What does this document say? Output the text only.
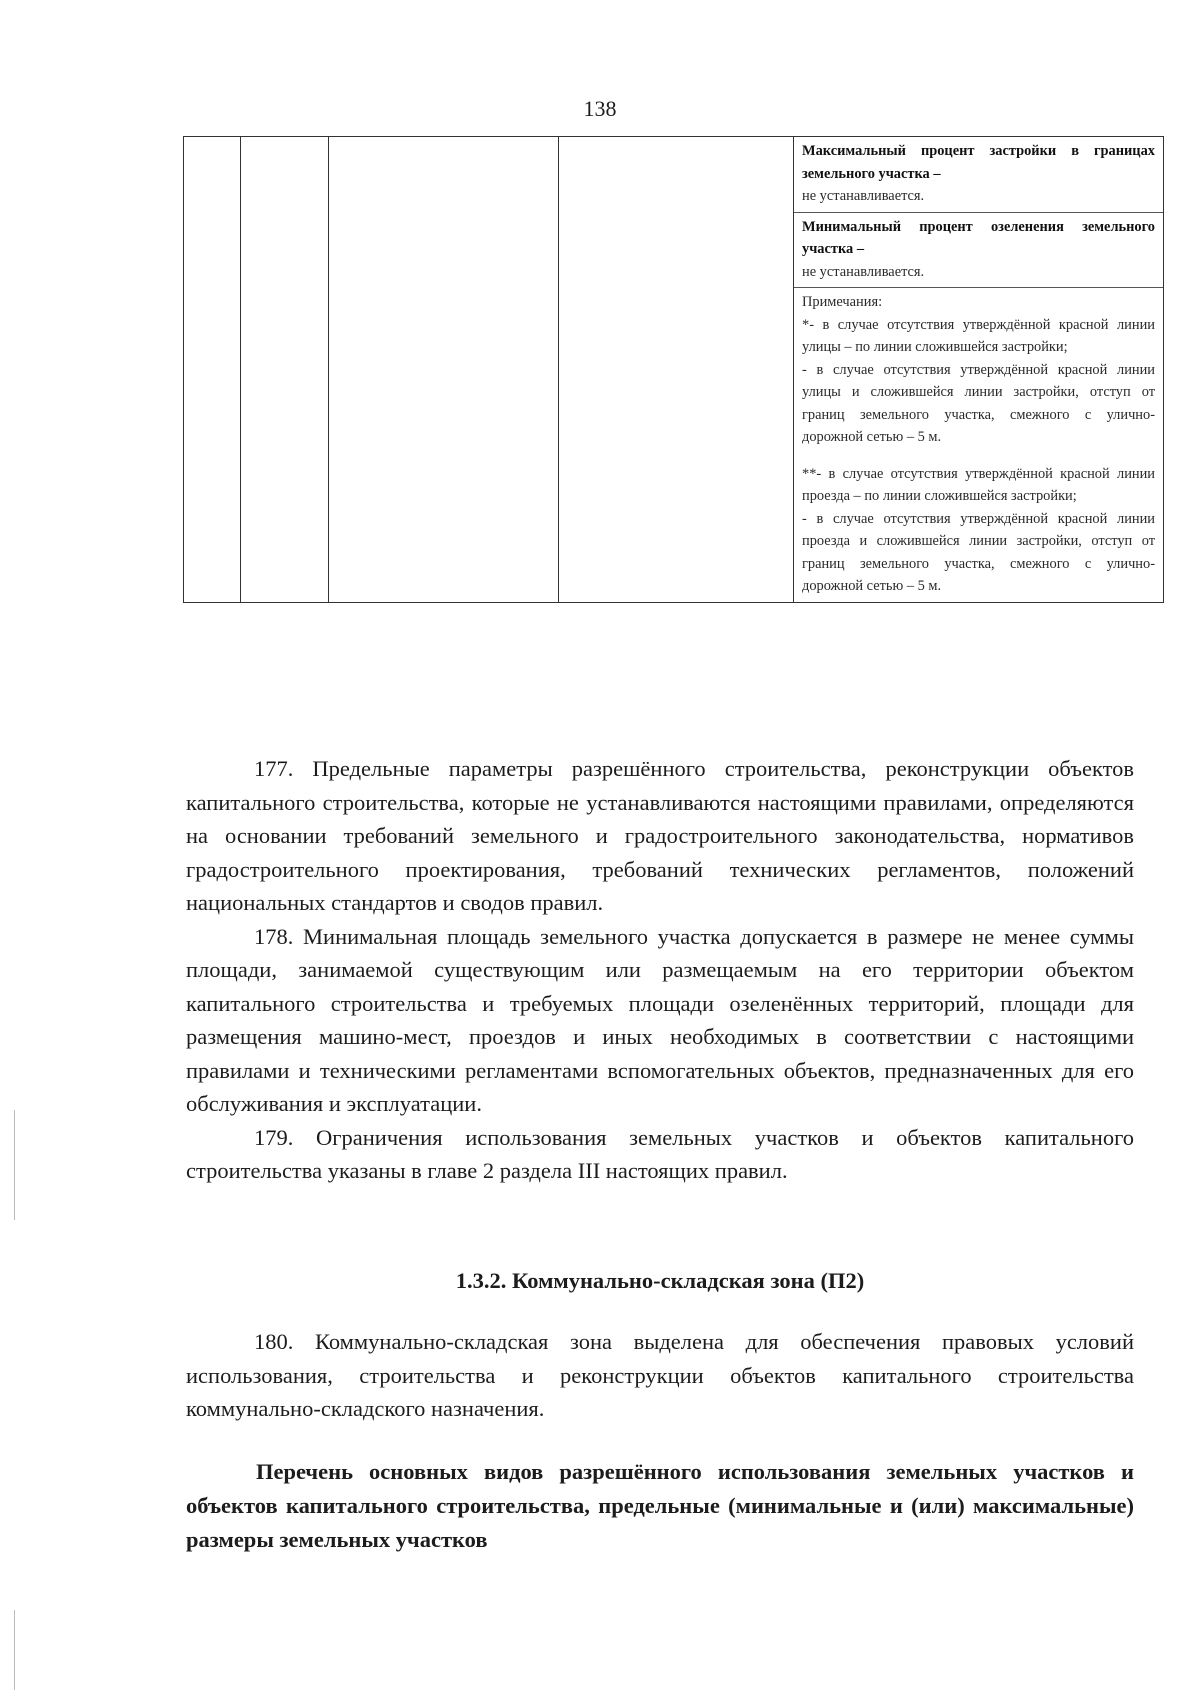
138

Максимальный процент застройки в границах земельного участка –
не устанавливается.
Минимальный процент озеленения земельного участка –
не устанавливается.
Примечания:
*- в случае отсутствия утверждённой красной линии улицы – по линии сложившейся застройки;
- в случае отсутствия утверждённой красной линии улицы и сложившейся линии застройки, отступ от границ земельного участка, смежного с улично-дорожной сетью – 5 м.
**- в случае отсутствия утверждённой красной линии проезда – по линии сложившейся застройки;
- в случае отсутствия утверждённой красной линии проезда и сложившейся линии застройки, отступ от границ земельного участка, смежного с улично-дорожной сетью – 5 м.

177. Предельные параметры разрешённого строительства, реконструкции объектов капитального строительства, которые не устанавливаются настоящими правилами, определяются на основании требований земельного и градостроительного законодательства, нормативов градостроительного проектирования, требований технических регламентов, положений национальных стандартов и сводов правил.

178. Минимальная площадь земельного участка допускается в размере не менее суммы площади, занимаемой существующим или размещаемым на его территории объектом капитального строительства и требуемых площади озеленённых территорий, площади для размещения машино-мест, проездов и иных необходимых в соответствии с настоящими правилами и техническими регламентами вспомогательных объектов, предназначенных для его обслуживания и эксплуатации.

179. Ограничения использования земельных участков и объектов капитального строительства указаны в главе 2 раздела III настоящих правил.

1.3.2. Коммунально-складская зона (П2)

180. Коммунально-складская зона выделена для обеспечения правовых условий использования, строительства и реконструкции объектов капитального строительства коммунально-складского назначения.

Перечень основных видов разрешённого использования земельных участков и объектов капитального строительства, предельные (минимальные и (или) максимальные) размеры земельных участков
